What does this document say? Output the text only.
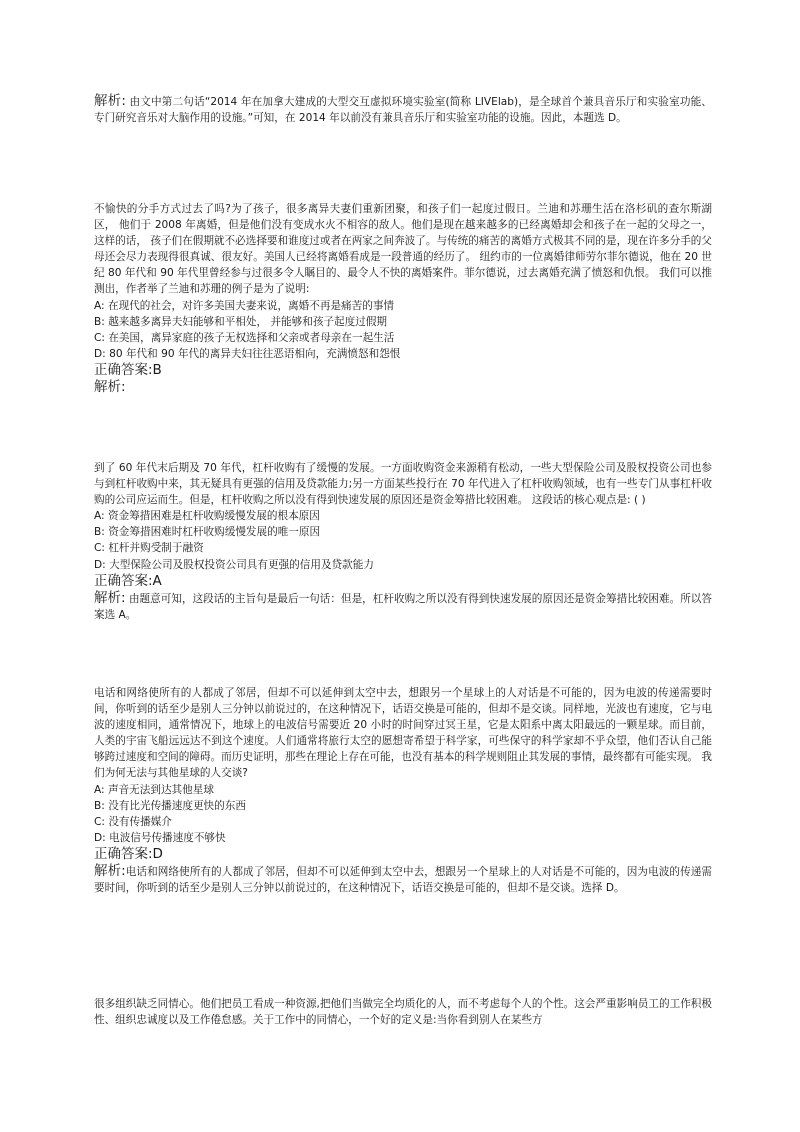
解析: 由文中第二句话“2014 年在加拿大建成的大型交互虚拟环境实验室(简称 LIVElab)，是全球首个兼具音乐厅和实验室功能、 专门研究音乐对大脑作用的设施。”可知，在 2014 年以前没有兼具音乐厅和实验室功能的设施。因此，本题选 D。

不愉快的分手方式过去了吗?为了孩子，很多离异夫妻们重新团聚，和孩子们一起度过假日。兰迪和苏珊生活在洛杉矶的查尔斯湖区， 他们于 2008 年离婚，但是他们没有变成水火不相容的敌人。他们是现在越来越多的已经离婚却会和孩子在一起的父母之一， 这样的话， 孩子们在假期就不必选择要和谁度过或者在两家之间奔波了。与传统的痛苦的离婚方式极其不同的是，现在许多分手的父母还会尽力表现得很真诚、很友好。美国人已经将离婚看成是一段普通的经历了。 纽约市的一位离婚律师劳尔菲尔德说，他在 20 世纪 80 年代和 90 年代里曾经参与过很多令人瞩目的、最令人不快的离婚案件。菲尔德说，过去离婚充满了愤怒和仇恨。 我们可以推测出，作者举了兰迪和苏珊的例子是为了说明:

A: 在现代的社会，对许多美国夫妻来说，离婚不再是痛苦的事情

B: 越来越多离异夫妇能够和平相处， 并能够和孩子起度过假期

C: 在美国，离异家庭的孩子无权选择和父亲或者母亲在一起生活

D: 80 年代和 90 年代的离异夫妇往往恶语相向，充满愤怒和怨恨

正确答案:B

解析:

到了 60 年代末后期及 70 年代，杠杆收购有了缓慢的发展。一方面收购资金来源稍有松动，一些大型保险公司及股权投资公司也参与到杠杆收购中来，其无疑具有更强的信用及贷款能力;另一方面某些投行在 70 年代进入了杠杆收购领域，也有一些专门从事杠杆收购的公司应运而生。但是，杠杆收购之所以没有得到快速发展的原因还是资金筹措比较困难。 这段话的核心观点是: ( )

A: 资金筹措困难是杠杆收购缓慢发展的根本原因

B: 资金筹措困难时杠杆收购缓慢发展的唯一原因

C: 杠杆并购受制于融资

D: 大型保险公司及股权投资公司具有更强的信用及贷款能力

正确答案:A

解析: 由题意可知，这段话的主旨句是最后一句话：但是，杠杆收购之所以没有得到快速发展的原因还是资金筹措比较困难。所以答案选 A。

电话和网络使所有的人都成了邻居，但却不可以延伸到太空中去，想跟另一个星球上的人对话是不可能的，因为电波的传递需要时间，你听到的话至少是别人三分钟以前说过的，在这种情况下，话语交换是可能的，但却不是交谈。同样地，光波也有速度，它与电波的速度相同，通常情况下，地球上的电波信号需要近 20 小时的时间穿过冥王星，它是太阳系中离太阳最远的一颗星球。而目前，人类的宇宙飞船远远达不到这个速度。人们通常将旅行太空的愿想寄希望于科学家，可些保守的科学家却不乎众望，他们否认自己能够跨过速度和空间的障碍。而历史证明，那些在理论上存在可能，也没有基本的科学规则阻止其发展的事情，最终都有可能实现。 我们为何无法与其他星球的人交谈?

A: 声音无法到达其他星球

B: 没有比光传播速度更快的东西

C: 没有传播媒介

D: 电波信号传播速度不够快

正确答案:D

解析:电话和网络使所有的人都成了邻居，但却不可以延伸到太空中去，想跟另一个星球上的人对话是不可能的，因为电波的传递需要时间，你听到的话至少是别人三分钟以前说过的，在这种情况下，话语交换是可能的，但却不是交谈。选择 D。

很多组织缺乏同情心。他们把员工看成一种资源,把他们当做完全均质化的人，而不考虑每个人的个性。这会严重影响员工的工作积极性、组织忠诚度以及工作倦怠感。关于工作中的同情心，一个好的定义是:当你看到别人在某些方
